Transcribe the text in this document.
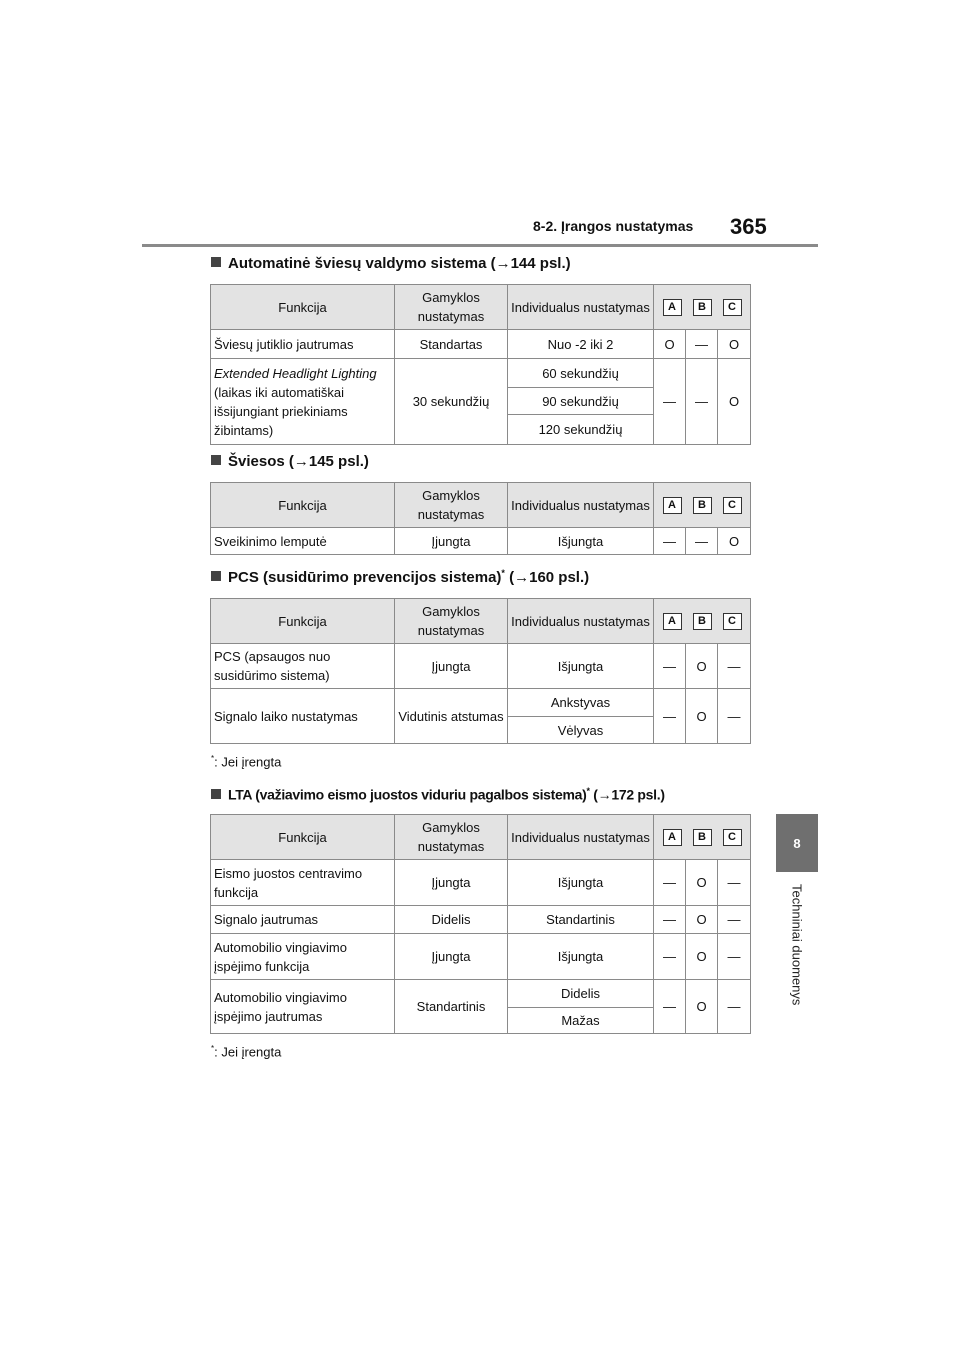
8-2. Įrangos nustatymas 365
8
Techniniai duomenys
Automatinė šviesų valdymo sistema (→144 psl.)
Funkcija	Gamyklos nustatymas	Individualus nustatymas	A B C		

Šviesų jutiklio jautrumas	Standartas	Nuo -2 iki 2	O	—	O
Extended Headlight Lighting (laikas iki automatiškai išsijungiant priekiniams žibintams)	30 sekundžių	60 sekundžių	—	—	O
		90 sekundžių			
		120 sekundžių			
Šviesos (→145 psl.)
Funkcija	Gamyklos nustatymas	Individualus nustatymas	A B C		

Sveikinimo lemputė	Įjungta	Išjungta	—	—	O
PCS (susidūrimo prevencijos sistema)* (→160 psl.)
Funkcija	Gamyklos nustatymas	Individualus nustatymas	A B C		

PCS (apsaugos nuo susidūrimo sistema)	Įjungta	Išjungta	—	O	—
Signalo laiko nustatymas	Vidutinis atstumas	Ankstyvas	—	O	—
		Vėlyvas			
*: Jei įrengta
LTA (važiavimo eismo juostos viduriu pagalbos sistema)* (→172 psl.)
Funkcija	Gamyklos nustatymas	Individualus nustatymas	A B C		

Eismo juostos centravimo funkcija	Įjungta	Išjungta	—	O	—
Signalo jautrumas	Didelis	Standartinis	—	O	—
Automobilio vingiavimo įspėjimo funkcija	Įjungta	Išjungta	—	O	—
Automobilio vingiavimo įspėjimo jautrumas	Standartinis	Didelis	—	O	—
		Mažas			
*: Jei įrengta
